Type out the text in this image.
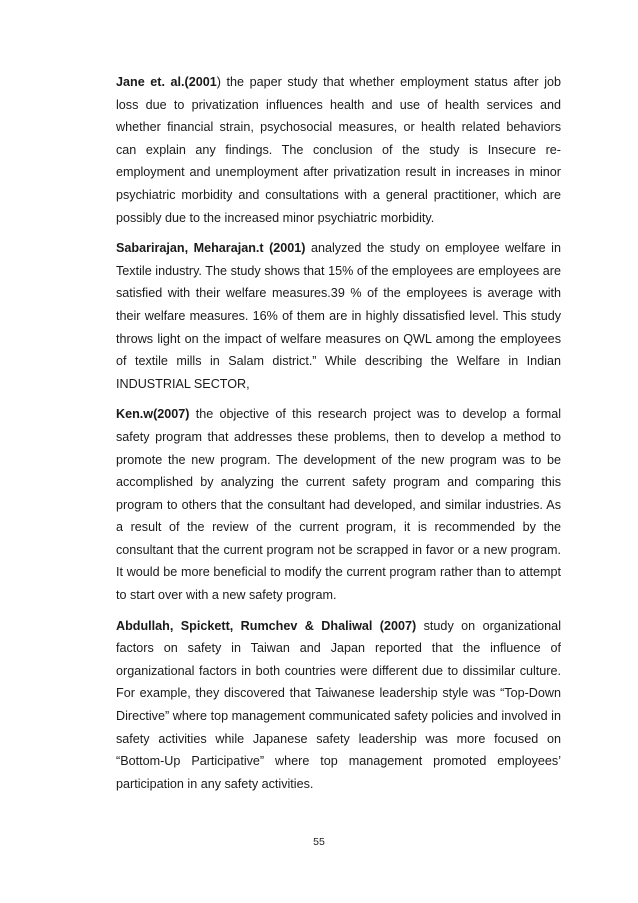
Jane et. al.(2001) the paper study that whether employment status after job loss due to privatization influences health and use of health services and whether financial strain, psychosocial measures, or health related behaviors can explain any findings. The conclusion of the study is Insecure re-employment and unemployment after privatization result in increases in minor psychiatric morbidity and consultations with a general practitioner, which are possibly due to the increased minor psychiatric morbidity.

Sabarirajan, Meharajan.t (2001) analyzed the study on employee welfare in Textile industry. The study shows that 15% of the employees are employees are satisfied with their welfare measures.39 % of the employees is average with their welfare measures. 16% of them are in highly dissatisfied level. This study throws light on the impact of welfare measures on QWL among the employees of textile mills in Salam district.” While describing the Welfare in Indian INDUSTRIAL SECTOR,

Ken.w(2007) the objective of this research project was to develop a formal safety program that addresses these problems, then to develop a method to promote the new program. The development of the new program was to be accomplished by analyzing the current safety program and comparing this program to others that the consultant had developed, and similar industries. As a result of the review of the current program, it is recommended by the consultant that the current program not be scrapped in favor or a new program. It would be more beneficial to modify the current program rather than to attempt to start over with a new safety program.

Abdullah, Spickett, Rumchev & Dhaliwal (2007) study on organizational factors on safety in Taiwan and Japan reported that the influence of organizational factors in both countries were different due to dissimilar culture. For example, they discovered that Taiwanese leadership style was “Top-Down Directive” where top management communicated safety policies and involved in safety activities while Japanese safety leadership was more focused on “Bottom-Up Participative” where top management promoted employees’ participation in any safety activities.

55
